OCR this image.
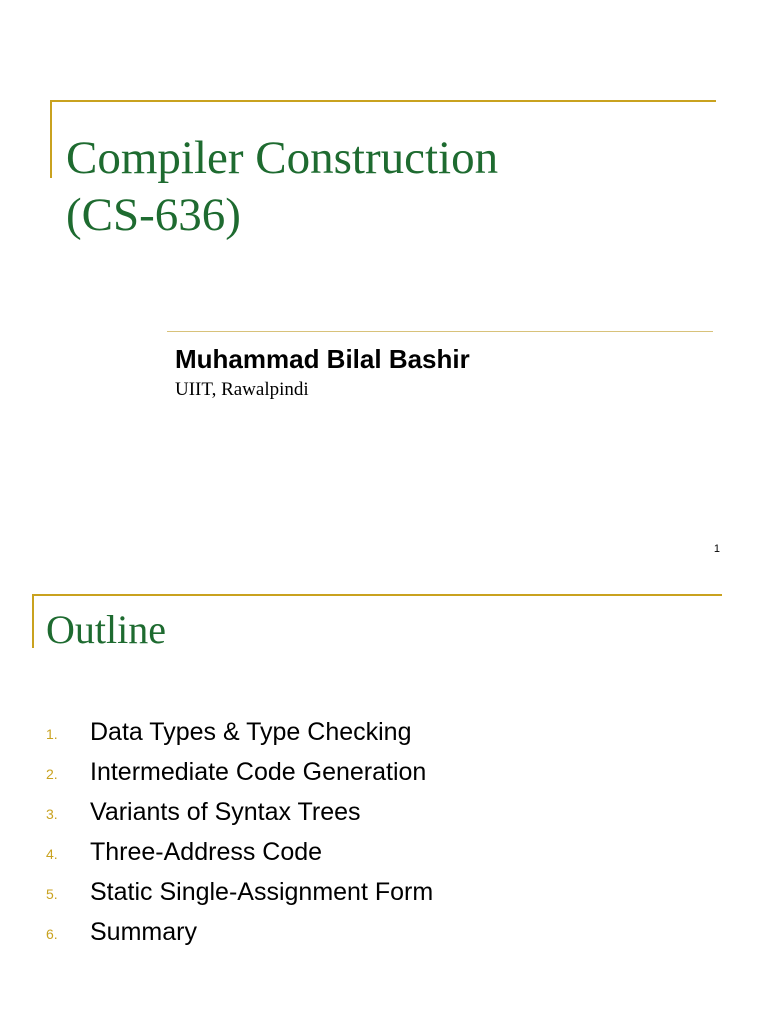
Compiler Construction
(CS-636)

Muhammad Bilal Bashir

UIIT, Rawalpindi

1
Outline
1.	Data Types & Type Checking
2.	Intermediate Code Generation
3.	Variants of Syntax Trees
4.	Three-Address Code
5.	Static Single-Assignment Form
6.	Summary
